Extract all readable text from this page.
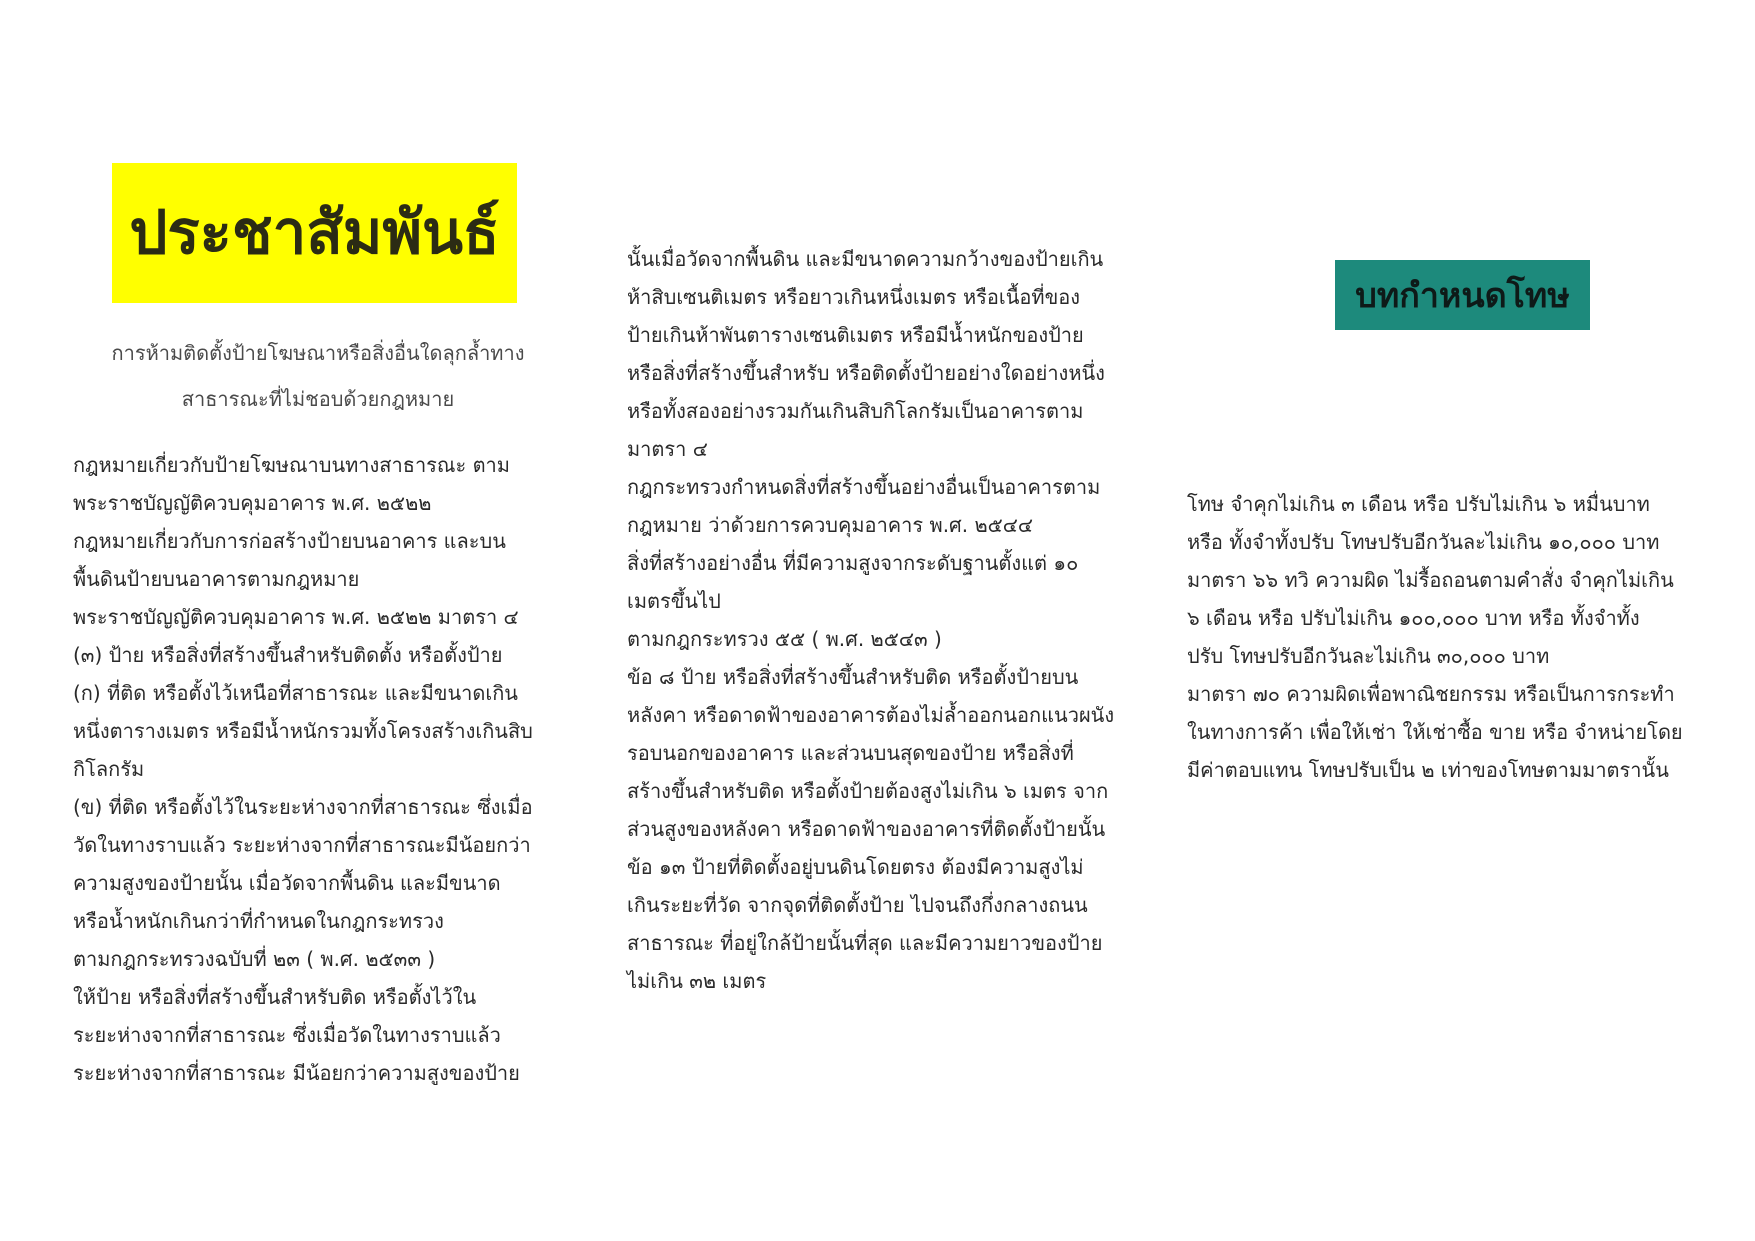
ประชาสัมพันธ์
การห้ามติดตั้งป้ายโฆษณาหรือสิ่งอื่นใดลุกล้ำทาง
สาธารณะที่ไม่ชอบด้วยกฎหมาย
กฎหมายเกี่ยวกับป้ายโฆษณาบนทางสาธารณะ ตาม
พระราชบัญญัติควบคุมอาคาร พ.ศ. ๒๕๒๒
กฎหมายเกี่ยวกับการก่อสร้างป้ายบนอาคาร และบน
พื้นดินป้ายบนอาคารตามกฎหมาย
พระราชบัญญัติควบคุมอาคาร พ.ศ. ๒๕๒๒ มาตรา ๔
(๓) ป้าย หรือสิ่งที่สร้างขึ้นสำหรับติดตั้ง หรือตั้งป้าย
(ก) ที่ติด หรือตั้งไว้เหนือที่สาธารณะ และมีขนาดเกิน
หนึ่งตารางเมตร หรือมีน้ำหนักรวมทั้งโครงสร้างเกินสิบ
กิโลกรัม
(ข) ที่ติด หรือตั้งไว้ในระยะห่างจากที่สาธารณะ ซึ่งเมื่อ
วัดในทางราบแล้ว ระยะห่างจากที่สาธารณะมีน้อยกว่า
ความสูงของป้ายนั้น เมื่อวัดจากพื้นดิน และมีขนาด
หรือน้ำหนักเกินกว่าที่กำหนดในกฎกระทรวง
ตามกฎกระทรวงฉบับที่ ๒๓ ( พ.ศ. ๒๕๓๓ )
ให้ป้าย หรือสิ่งที่สร้างขึ้นสำหรับติด หรือตั้งไว้ใน
ระยะห่างจากที่สาธารณะ ซึ่งเมื่อวัดในทางราบแล้ว
ระยะห่างจากที่สาธารณะ มีน้อยกว่าความสูงของป้าย
นั้นเมื่อวัดจากพื้นดิน และมีขนาดความกว้างของป้ายเกิน
ห้าสิบเซนติเมตร หรือยาวเกินหนึ่งเมตร หรือเนื้อที่ของ
ป้ายเกินห้าพันตารางเซนติเมตร หรือมีน้ำหนักของป้าย
หรือสิ่งที่สร้างขึ้นสำหรับ หรือติดตั้งป้ายอย่างใดอย่างหนึ่ง
หรือทั้งสองอย่างรวมกันเกินสิบกิโลกรัมเป็นอาคารตาม
มาตรา ๔
กฎกระทรวงกำหนดสิ่งที่สร้างขึ้นอย่างอื่นเป็นอาคารตาม
กฎหมาย ว่าด้วยการควบคุมอาคาร พ.ศ. ๒๕๔๔
สิ่งที่สร้างอย่างอื่น ที่มีความสูงจากระดับฐานตั้งแต่ ๑๐
เมตรขึ้นไป
ตามกฎกระทรวง ๕๕ ( พ.ศ. ๒๕๔๓ )
ข้อ ๘ ป้าย หรือสิ่งที่สร้างขึ้นสำหรับติด หรือตั้งป้ายบน
หลังคา หรือดาดฟ้าของอาคารต้องไม่ล้ำออกนอกแนวผนัง
รอบนอกของอาคาร และส่วนบนสุดของป้าย หรือสิ่งที่
สร้างขึ้นสำหรับติด หรือตั้งป้ายต้องสูงไม่เกิน ๖ เมตร จาก
ส่วนสูงของหลังคา หรือดาดฟ้าของอาคารที่ติดตั้งป้ายนั้น
ข้อ ๑๓ ป้ายที่ติดตั้งอยู่บนดินโดยตรง ต้องมีความสูงไม่
เกินระยะที่วัด จากจุดที่ติดตั้งป้าย ไปจนถึงกึ่งกลางถนน
สาธารณะ ที่อยู่ใกล้ป้ายนั้นที่สุด และมีความยาวของป้าย
ไม่เกิน ๓๒ เมตร
บทกำหนดโทษ
โทษ จำคุกไม่เกิน ๓ เดือน หรือ ปรับไม่เกิน ๖ หมื่นบาท
หรือ ทั้งจำทั้งปรับ โทษปรับอีกวันละไม่เกิน ๑๐,๐๐๐ บาท
มาตรา ๖๖ ทวิ ความผิด ไม่รื้อถอนตามคำสั่ง จำคุกไม่เกิน
๖ เดือน หรือ ปรับไม่เกิน ๑๐๐,๐๐๐ บาท หรือ ทั้งจำทั้ง
ปรับ โทษปรับอีกวันละไม่เกิน ๓๐,๐๐๐ บาท
มาตรา ๗๐ ความผิดเพื่อพาณิชยกรรม หรือเป็นการกระทำ
ในทางการค้า เพื่อให้เช่า ให้เช่าซื้อ ขาย หรือ จำหน่ายโดย
มีค่าตอบแทน โทษปรับเป็น ๒ เท่าของโทษตามมาตรานั้น
